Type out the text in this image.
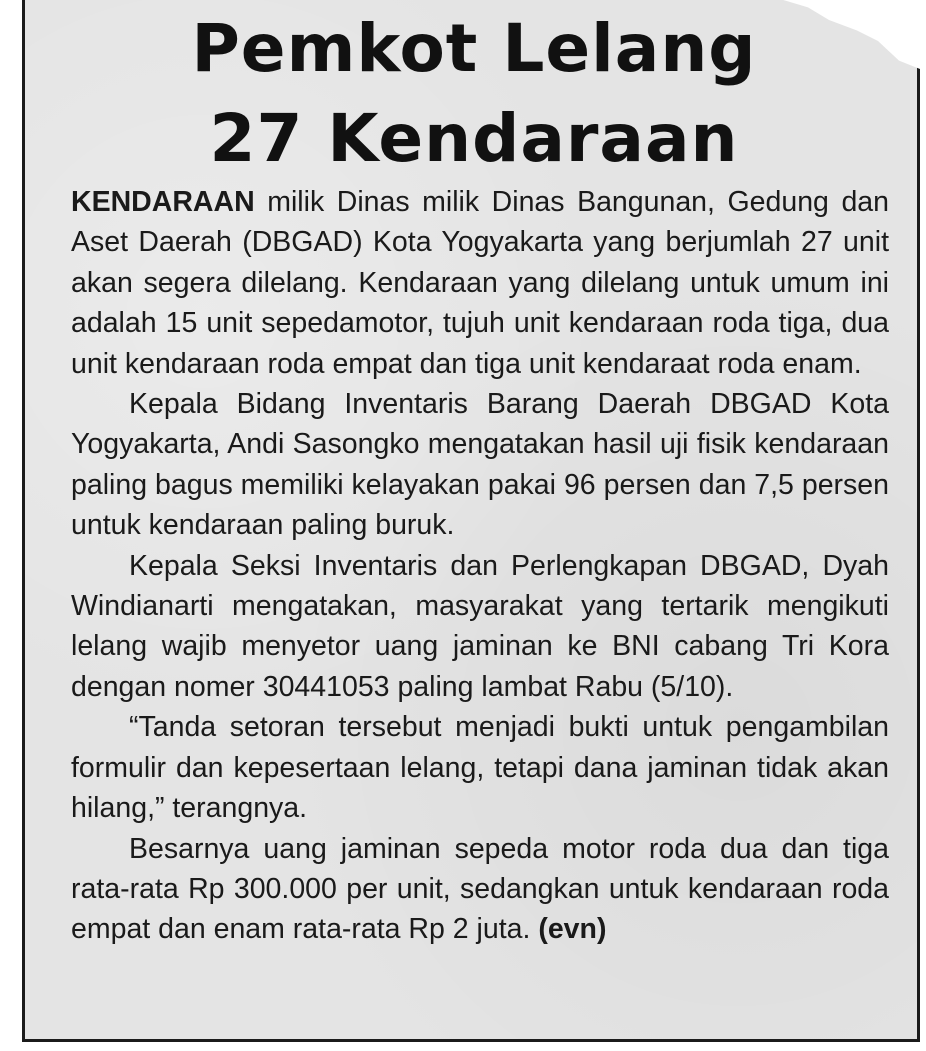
Pemkot Lelang
27 Kendaraan

KENDARAAN milik Dinas milik Dinas Bangunan, Gedung dan Aset Daerah (DBGAD) Kota Yogyakarta yang berjumlah 27 unit akan segera dilelang. Kendaraan yang dilelang untuk umum ini adalah 15 unit sepedamotor, tujuh unit kendaraan roda tiga, dua unit kendaraan roda empat dan tiga unit kendaraat roda enam.

Kepala Bidang Inventaris Barang Daerah DBGAD Kota Yogyakarta, Andi Sasongko mengatakan hasil uji fisik kendaraan paling bagus memiliki kelayakan pakai 96 persen dan 7,5 persen untuk kendaraan paling buruk.

Kepala Seksi Inventaris dan Perlengkapan DBGAD, Dyah Windianarti mengatakan, masyarakat yang tertarik mengikuti lelang wajib menyetor uang jaminan ke BNI cabang Tri Kora dengan nomer 30441053 paling lambat Rabu (5/10).

“Tanda setoran tersebut menjadi bukti untuk pengambilan formulir dan kepesertaan lelang, tetapi dana jaminan tidak akan hilang,” terangnya.

Besarnya uang jaminan sepeda motor roda dua dan tiga rata-rata Rp 300.000 per unit, sedangkan untuk kendaraan roda empat dan enam rata-rata Rp 2 juta. (evn)
